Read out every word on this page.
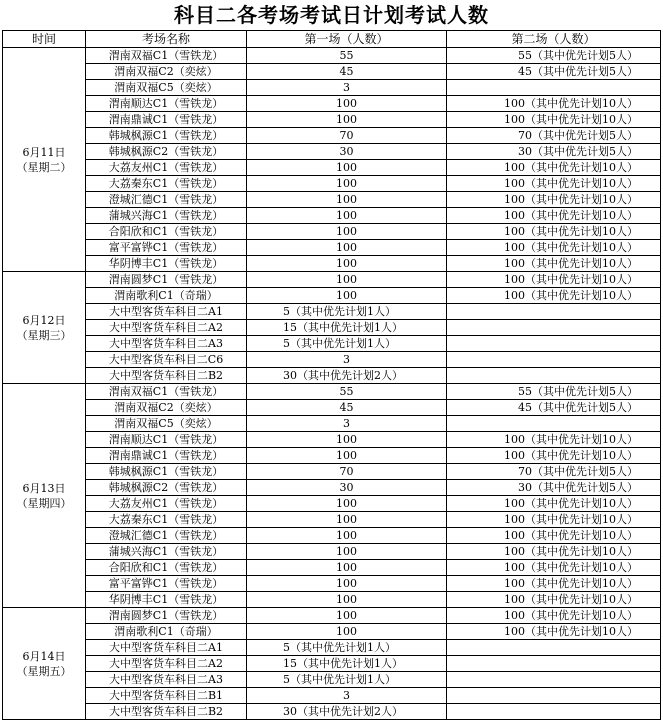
科目二各考场考试日计划考试人数
时间	考场名称	第一场（人数）	第二场（人数）

6月11日
（星期二）	渭南双福C1（雪铁龙）	55	55（其中优先计划5人）
	渭南双福C2（奕炫）	45	45（其中优先计划5人）
	渭南双福C5（奕炫）	3	
	渭南顺达C1（雪铁龙）	100	100（其中优先计划10人）
	渭南鼎诚C1（雪铁龙）	100	100（其中优先计划10人）
	韩城枫源C1（雪铁龙）	70	70（其中优先计划5人）
	韩城枫源C2（雪铁龙）	30	30（其中优先计划5人）
	大荔友州C1（雪铁龙）	100	100（其中优先计划10人）
	大荔秦东C1（雪铁龙）	100	100（其中优先计划10人）
	澄城汇德C1（雪铁龙）	100	100（其中优先计划10人）
	蒲城兴海C1（雪铁龙）	100	100（其中优先计划10人）
	合阳欣和C1（雪铁龙）	100	100（其中优先计划10人）
	富平富铧C1（雪铁龙）	100	100（其中优先计划10人）
	华阴博丰C1（雪铁龙）	100	100（其中优先计划10人）

6月12日
（星期三）	渭南圆梦C1（雪铁龙）	100	100（其中优先计划10人）
	渭南歌利C1（奇瑞）	100	100（其中优先计划10人）
	大中型客货车科目二A1	5（其中优先计划1人）	
	大中型客货车科目二A2	15（其中优先计划1人）	
	大中型客货车科目二A3	5（其中优先计划1人）	
	大中型客货车科目二C6	3	
	大中型客货车科目二B2	30（其中优先计划2人）	

6月13日
（星期四）	渭南双福C1（雪铁龙）	55	55（其中优先计划5人）
	渭南双福C2（奕炫）	45	45（其中优先计划5人）
	渭南双福C5（奕炫）	3	
	渭南顺达C1（雪铁龙）	100	100（其中优先计划10人）
	渭南鼎诚C1（雪铁龙）	100	100（其中优先计划10人）
	韩城枫源C1（雪铁龙）	70	70（其中优先计划5人）
	韩城枫源C2（雪铁龙）	30	30（其中优先计划5人）
	大荔友州C1（雪铁龙）	100	100（其中优先计划10人）
	大荔秦东C1（雪铁龙）	100	100（其中优先计划10人）
	澄城汇德C1（雪铁龙）	100	100（其中优先计划10人）
	蒲城兴海C1（雪铁龙）	100	100（其中优先计划10人）
	合阳欣和C1（雪铁龙）	100	100（其中优先计划10人）
	富平富铧C1（雪铁龙）	100	100（其中优先计划10人）
	华阴博丰C1（雪铁龙）	100	100（其中优先计划10人）

6月14日
（星期五）	渭南圆梦C1（雪铁龙）	100	100（其中优先计划10人）
	渭南歌利C1（奇瑞）	100	100（其中优先计划10人）
	大中型客货车科目二A1	5（其中优先计划1人）	
	大中型客货车科目二A2	15（其中优先计划1人）	
	大中型客货车科目二A3	5（其中优先计划1人）	
	大中型客货车科目二B1	3	
	大中型客货车科目二B2	30（其中优先计划2人）	
